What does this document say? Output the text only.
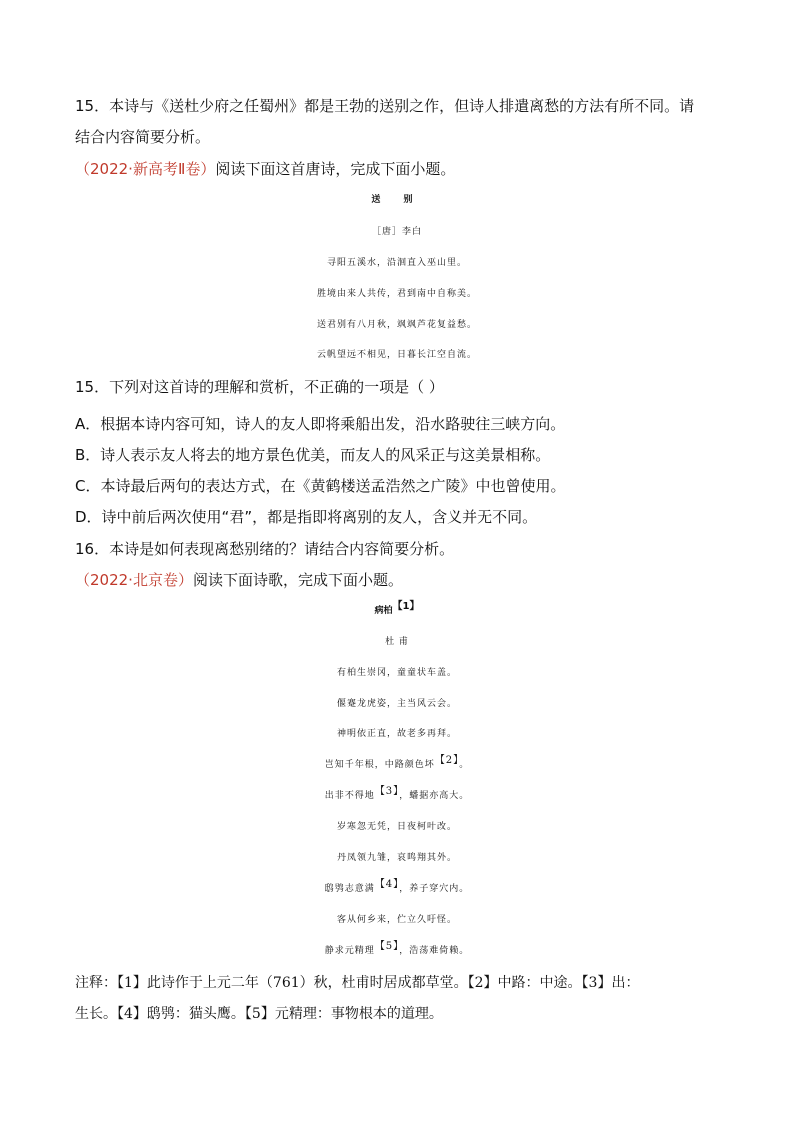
15．本诗与《送杜少府之任蜀州》都是王勃的送别之作，但诗人排遣离愁的方法有所不同。请
结合内容简要分析。
（2022·新高考Ⅱ卷）阅读下面这首唐诗，完成下面小题。
送 别
［唐］李白
寻阳五溪水，沿洄直入巫山里。
胜境由来人共传，君到南中自称美。
送君别有八月秋，飒飒芦花复益愁。
云帆望远不相见，日暮长江空自流。
15．下列对这首诗的理解和赏析，不正确的一项是（ ）
A．根据本诗内容可知，诗人的友人即将乘船出发，沿水路驶往三峡方向。
B．诗人表示友人将去的地方景色优美，而友人的风采正与这美景相称。
C．本诗最后两句的表达方式，在《黄鹤楼送孟浩然之广陵》中也曾使用。
D．诗中前后两次使用“君”，都是指即将离别的友人，含义并无不同。
16．本诗是如何表现离愁别绪的？请结合内容简要分析。
（2022·北京卷）阅读下面诗歌，完成下面小题。
病柏$^{【1】}$
杜 甫
有柏生崇冈，童童状车盖。
偃蹇龙虎姿，主当风云会。
神明依正直，故老多再拜。
岂知千年根，中路颜色坏$^{【2】}$。
出非不得地$^{【3】}$，蟠据亦高大。
岁寒忽无凭，日夜柯叶改。
丹凤领九雏，哀鸣翔其外。
鸱鸮志意满$^{【4】}$，养子穿穴内。
客从何乡来，伫立久吁怪。
静求元精理$^{【5】}$，浩荡难倚赖。
注释：【1】此诗作于上元二年（761）秋，杜甫时居成都草堂。【2】中路：中途。【3】出：
生长。【4】鸱鸮：猫头鹰。【5】元精理：事物根本的道理。
